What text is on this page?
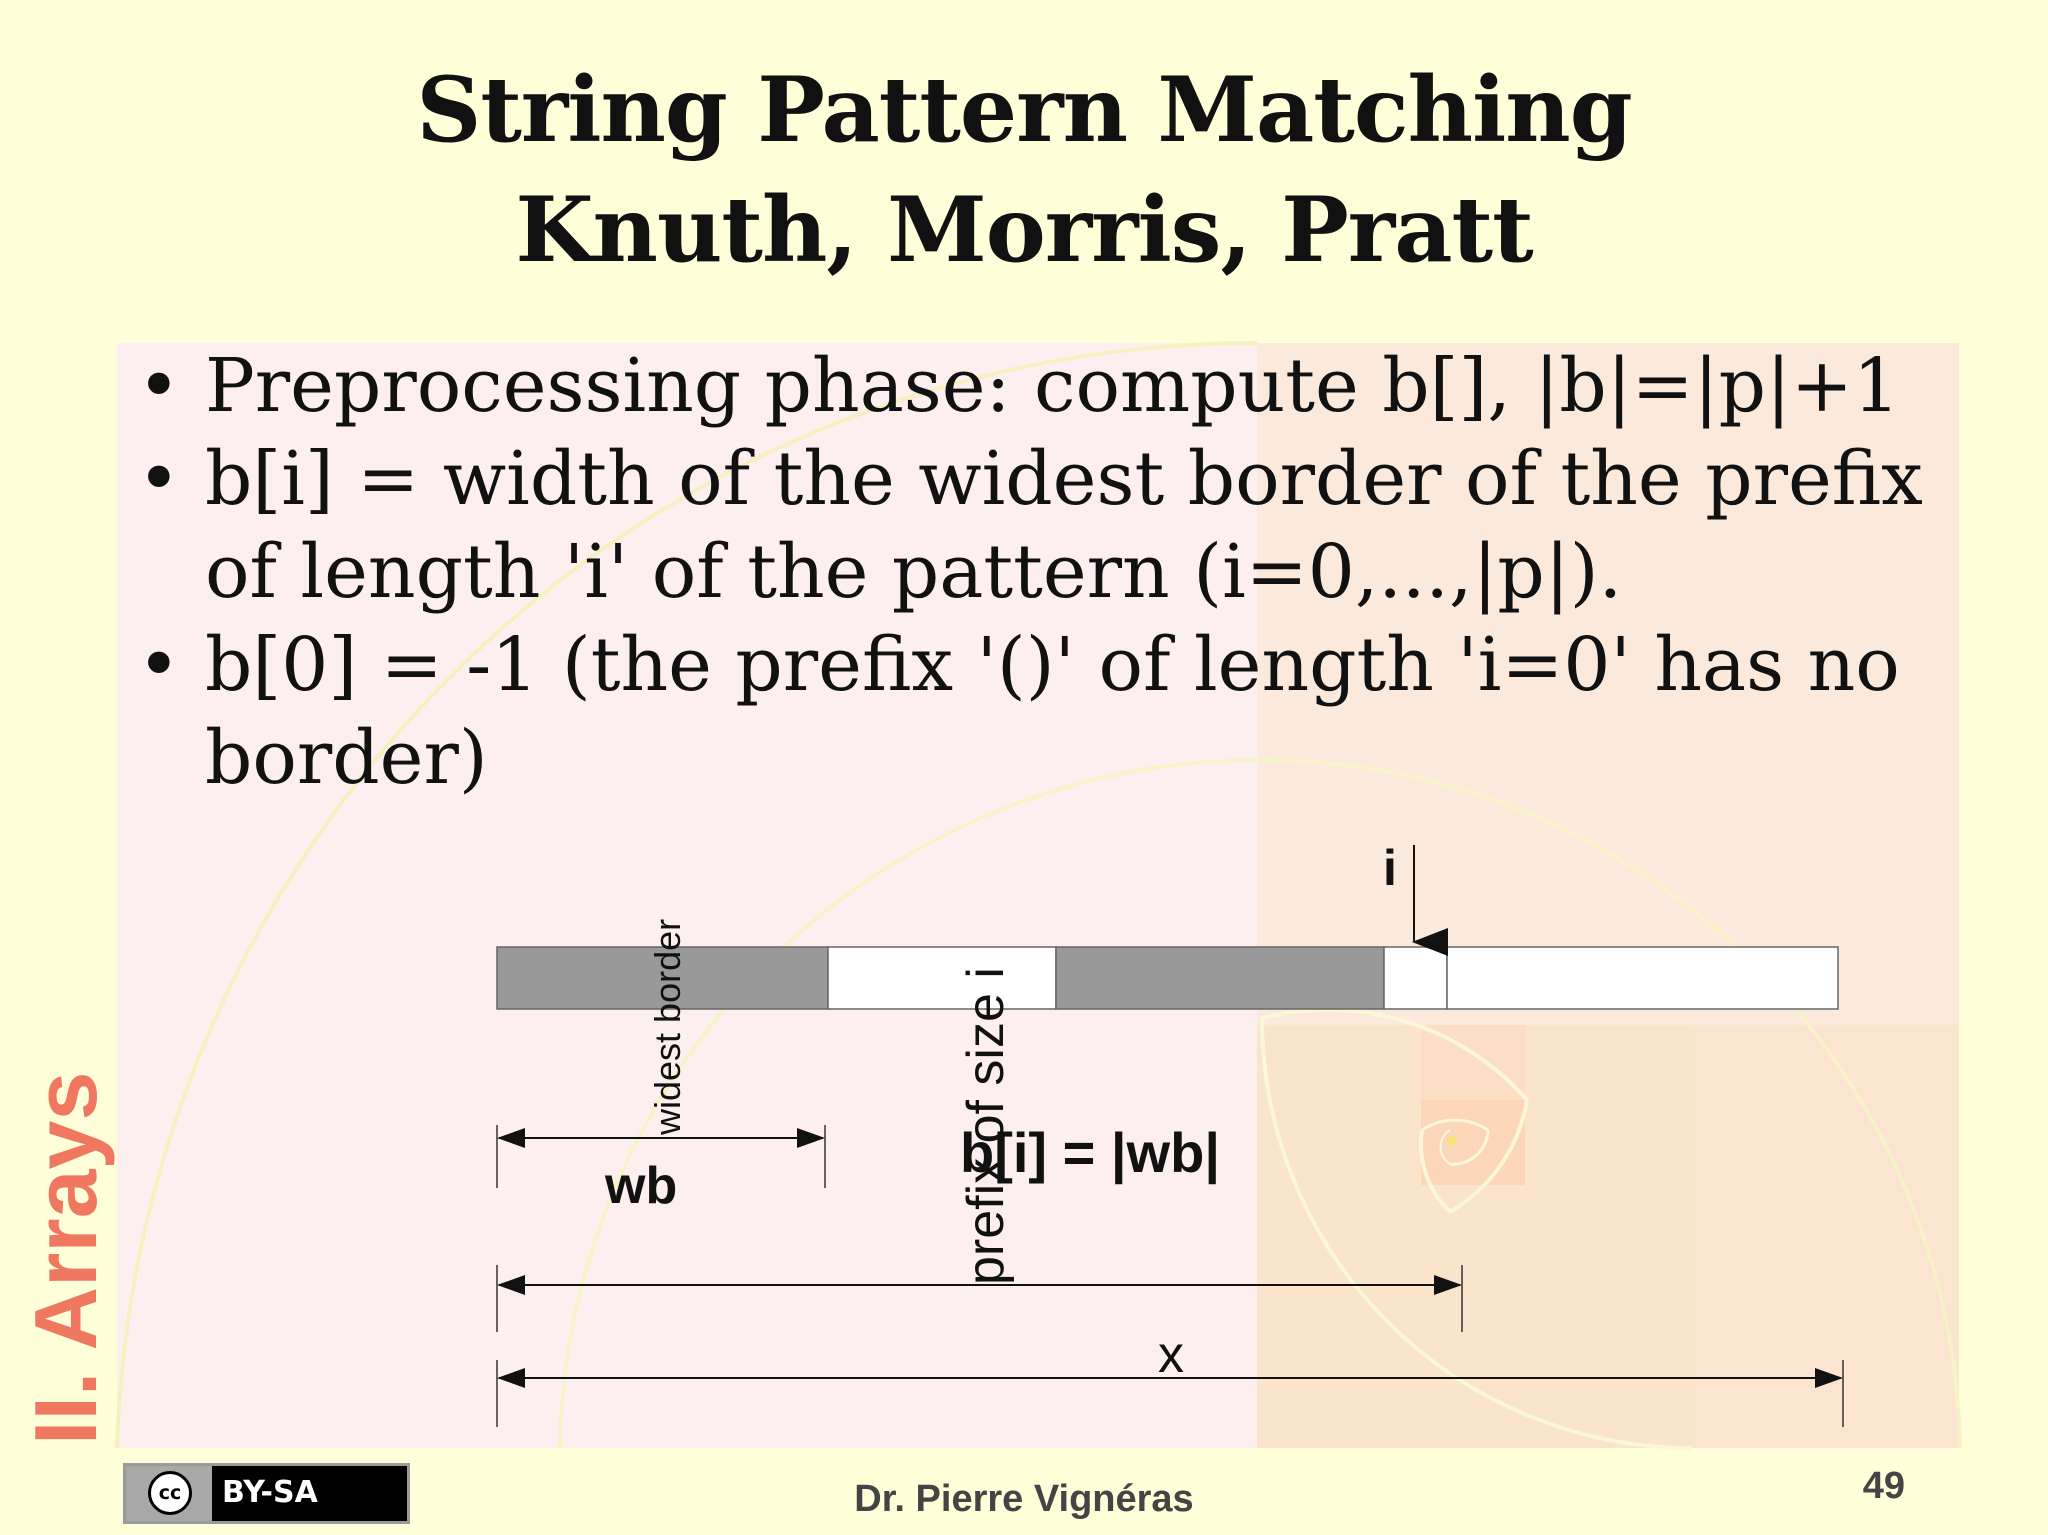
String Pattern Matching
Knuth, Morris, Pratt
• Preprocessing phase: compute b[], |b|=|p|+1
• b[i] = width of the widest border of the prefix
of length 'i' of the pattern (i=0,...,|p|).
• b[0] = -1 (the prefix '()' of length 'i=0' has no
border)
i
widest border	prefix of size i
wb
b[i] = |wb|
x
II. Arrays
cc	BY-SA	Dr. Pierre Vignéras	49
